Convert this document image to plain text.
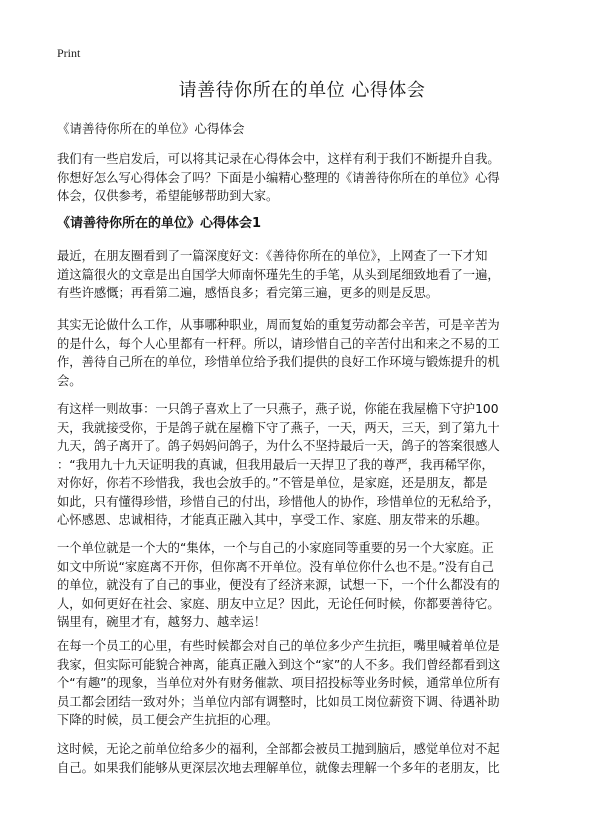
Print
请善待你所在的单位 心得体会
《请善待你所在的单位》心得体会

我们有一些启发后，可以将其记录在心得体会中，这样有利于我们不断提升自我。
你想好怎么写心得体会了吗？下面是小编精心整理的《请善待你所在的单位》心得
体会，仅供参考，希望能够帮助到大家。

《请善待你所在的单位》心得体会1

最近，在朋友圈看到了一篇深度好文：《善待你所在的单位》，上网查了一下才知
道这篇很火的文章是出自国学大师南怀瑾先生的手笔，从头到尾细致地看了一遍，
有些许感慨；再看第二遍，感悟良多；看完第三遍，更多的则是反思。

其实无论做什么工作，从事哪种职业，周而复始的重复劳动都会辛苦，可是辛苦为
的是什么，每个人心里都有一杆秤。所以，请珍惜自己的辛苦付出和来之不易的工
作，善待自己所在的单位，珍惜单位给予我们提供的良好工作环境与锻炼提升的机
会。

有这样一则故事：一只鸽子喜欢上了一只燕子，燕子说，你能在我屋檐下守护100
天，我就接受你，于是鸽子就在屋檐下守了燕子，一天，两天，三天，到了第九十
九天，鸽子离开了。鸽子妈妈问鸽子，为什么不坚持最后一天，鸽子的答案很感人
：“我用九十九天证明我的真诚，但我用最后一天捍卫了我的尊严，我再稀罕你，
对你好，你若不珍惜我，我也会放手的。”不管是单位，是家庭，还是朋友，都是
如此，只有懂得珍惜，珍惜自己的付出，珍惜他人的协作，珍惜单位的无私给予，
心怀感恩、忠诚相待，才能真正融入其中，享受工作、家庭、朋友带来的乐趣。

一个单位就是一个大的“集体，一个与自己的小家庭同等重要的另一个大家庭。正
如文中所说“家庭离不开你，但你离不开单位。没有单位你什么也不是。”没有自己
的单位，就没有了自己的事业，便没有了经济来源，试想一下，一个什么都没有的
人，如何更好在社会、家庭、朋友中立足？因此，无论任何时候，你都要善待它。
锅里有，碗里才有，越努力、越幸运！

在每一个员工的心里，有些时候都会对自己的单位多少产生抗拒，嘴里喊着单位是
我家，但实际可能貌合神离，能真正融入到这个“家”的人不多。我们曾经都看到这
个“有趣”的现象，当单位对外有财务催款、项目招投标等业务时候，通常单位所有
员工都会团结一致对外；当单位内部有调整时，比如员工岗位薪资下调、待遇补助
下降的时候，员工便会产生抗拒的心理。

这时候，无论之前单位给多少的福利，全部都会被员工抛到脑后，感觉单位对不起
自己。如果我们能够从更深层次地去理解单位，就像去理解一个多年的老朋友，比
